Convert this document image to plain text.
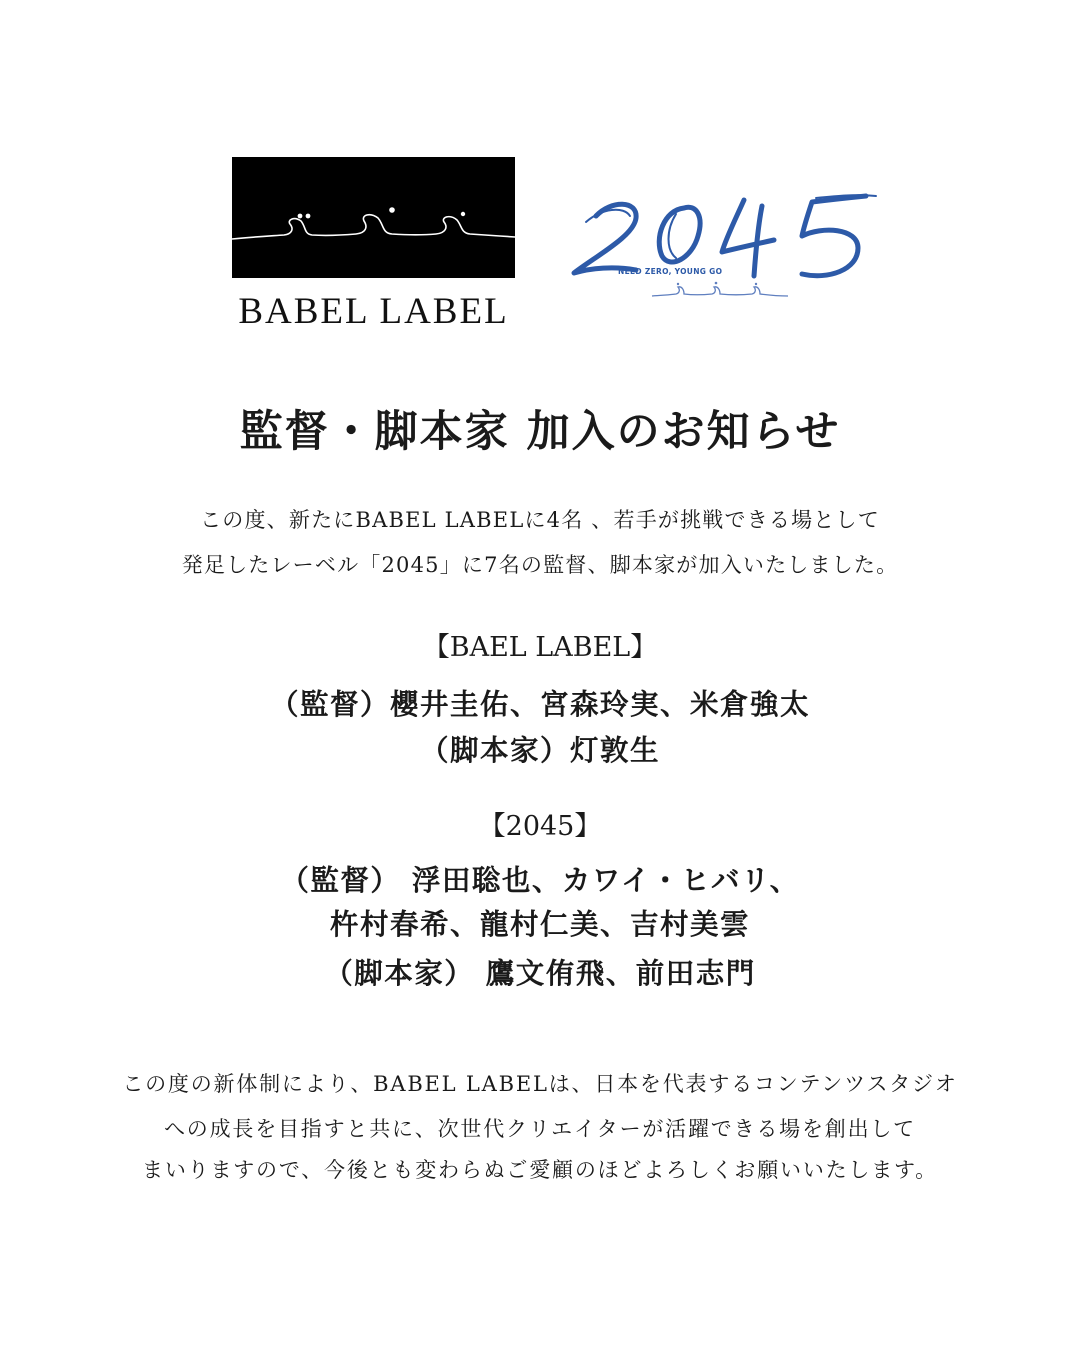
BABEL LABEL
NEED ZERO, YOUNG GO
監督・脚本家 加入のお知らせ
この度、新たにBABEL LABELに4名 、若手が挑戦できる場として
発足したレーベル「2045」に7名の監督、脚本家が加入いたしました。
【BAEL LABEL】
（監督）櫻井圭佑、宮森玲実、米倉強太
（脚本家）灯敦生
【2045】
（監督） 浮田聡也、カワイ・ヒバリ、
杵村春希、龍村仁美、吉村美雲
（脚本家） 鷹文侑飛、前田志門
この度の新体制により、BABEL LABELは、日本を代表するコンテンツスタジオ
への成長を目指すと共に、次世代クリエイターが活躍できる場を創出して
まいりますので、今後とも変わらぬご愛顧のほどよろしくお願いいたします。
